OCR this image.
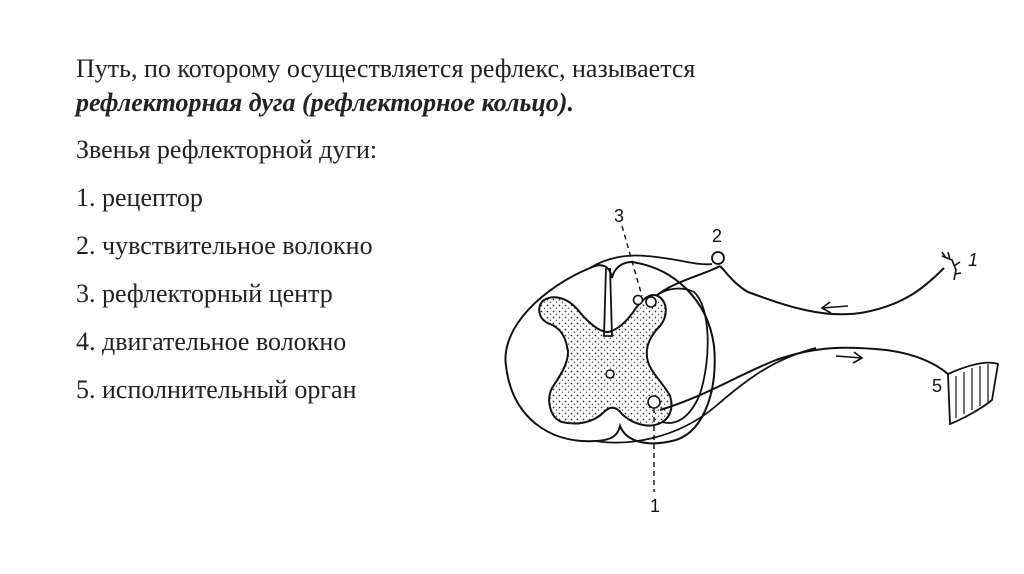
Путь, по которому осуществляется рефлекс, называется
рефлекторная дуга (рефлекторное кольцо).
Звенья рефлекторной дуги:
1. рецептор
2. чувствительное волокно
3. рефлекторный центр
4. двигательное волокно
5. исполнительный орган
3
2
1
5
1
